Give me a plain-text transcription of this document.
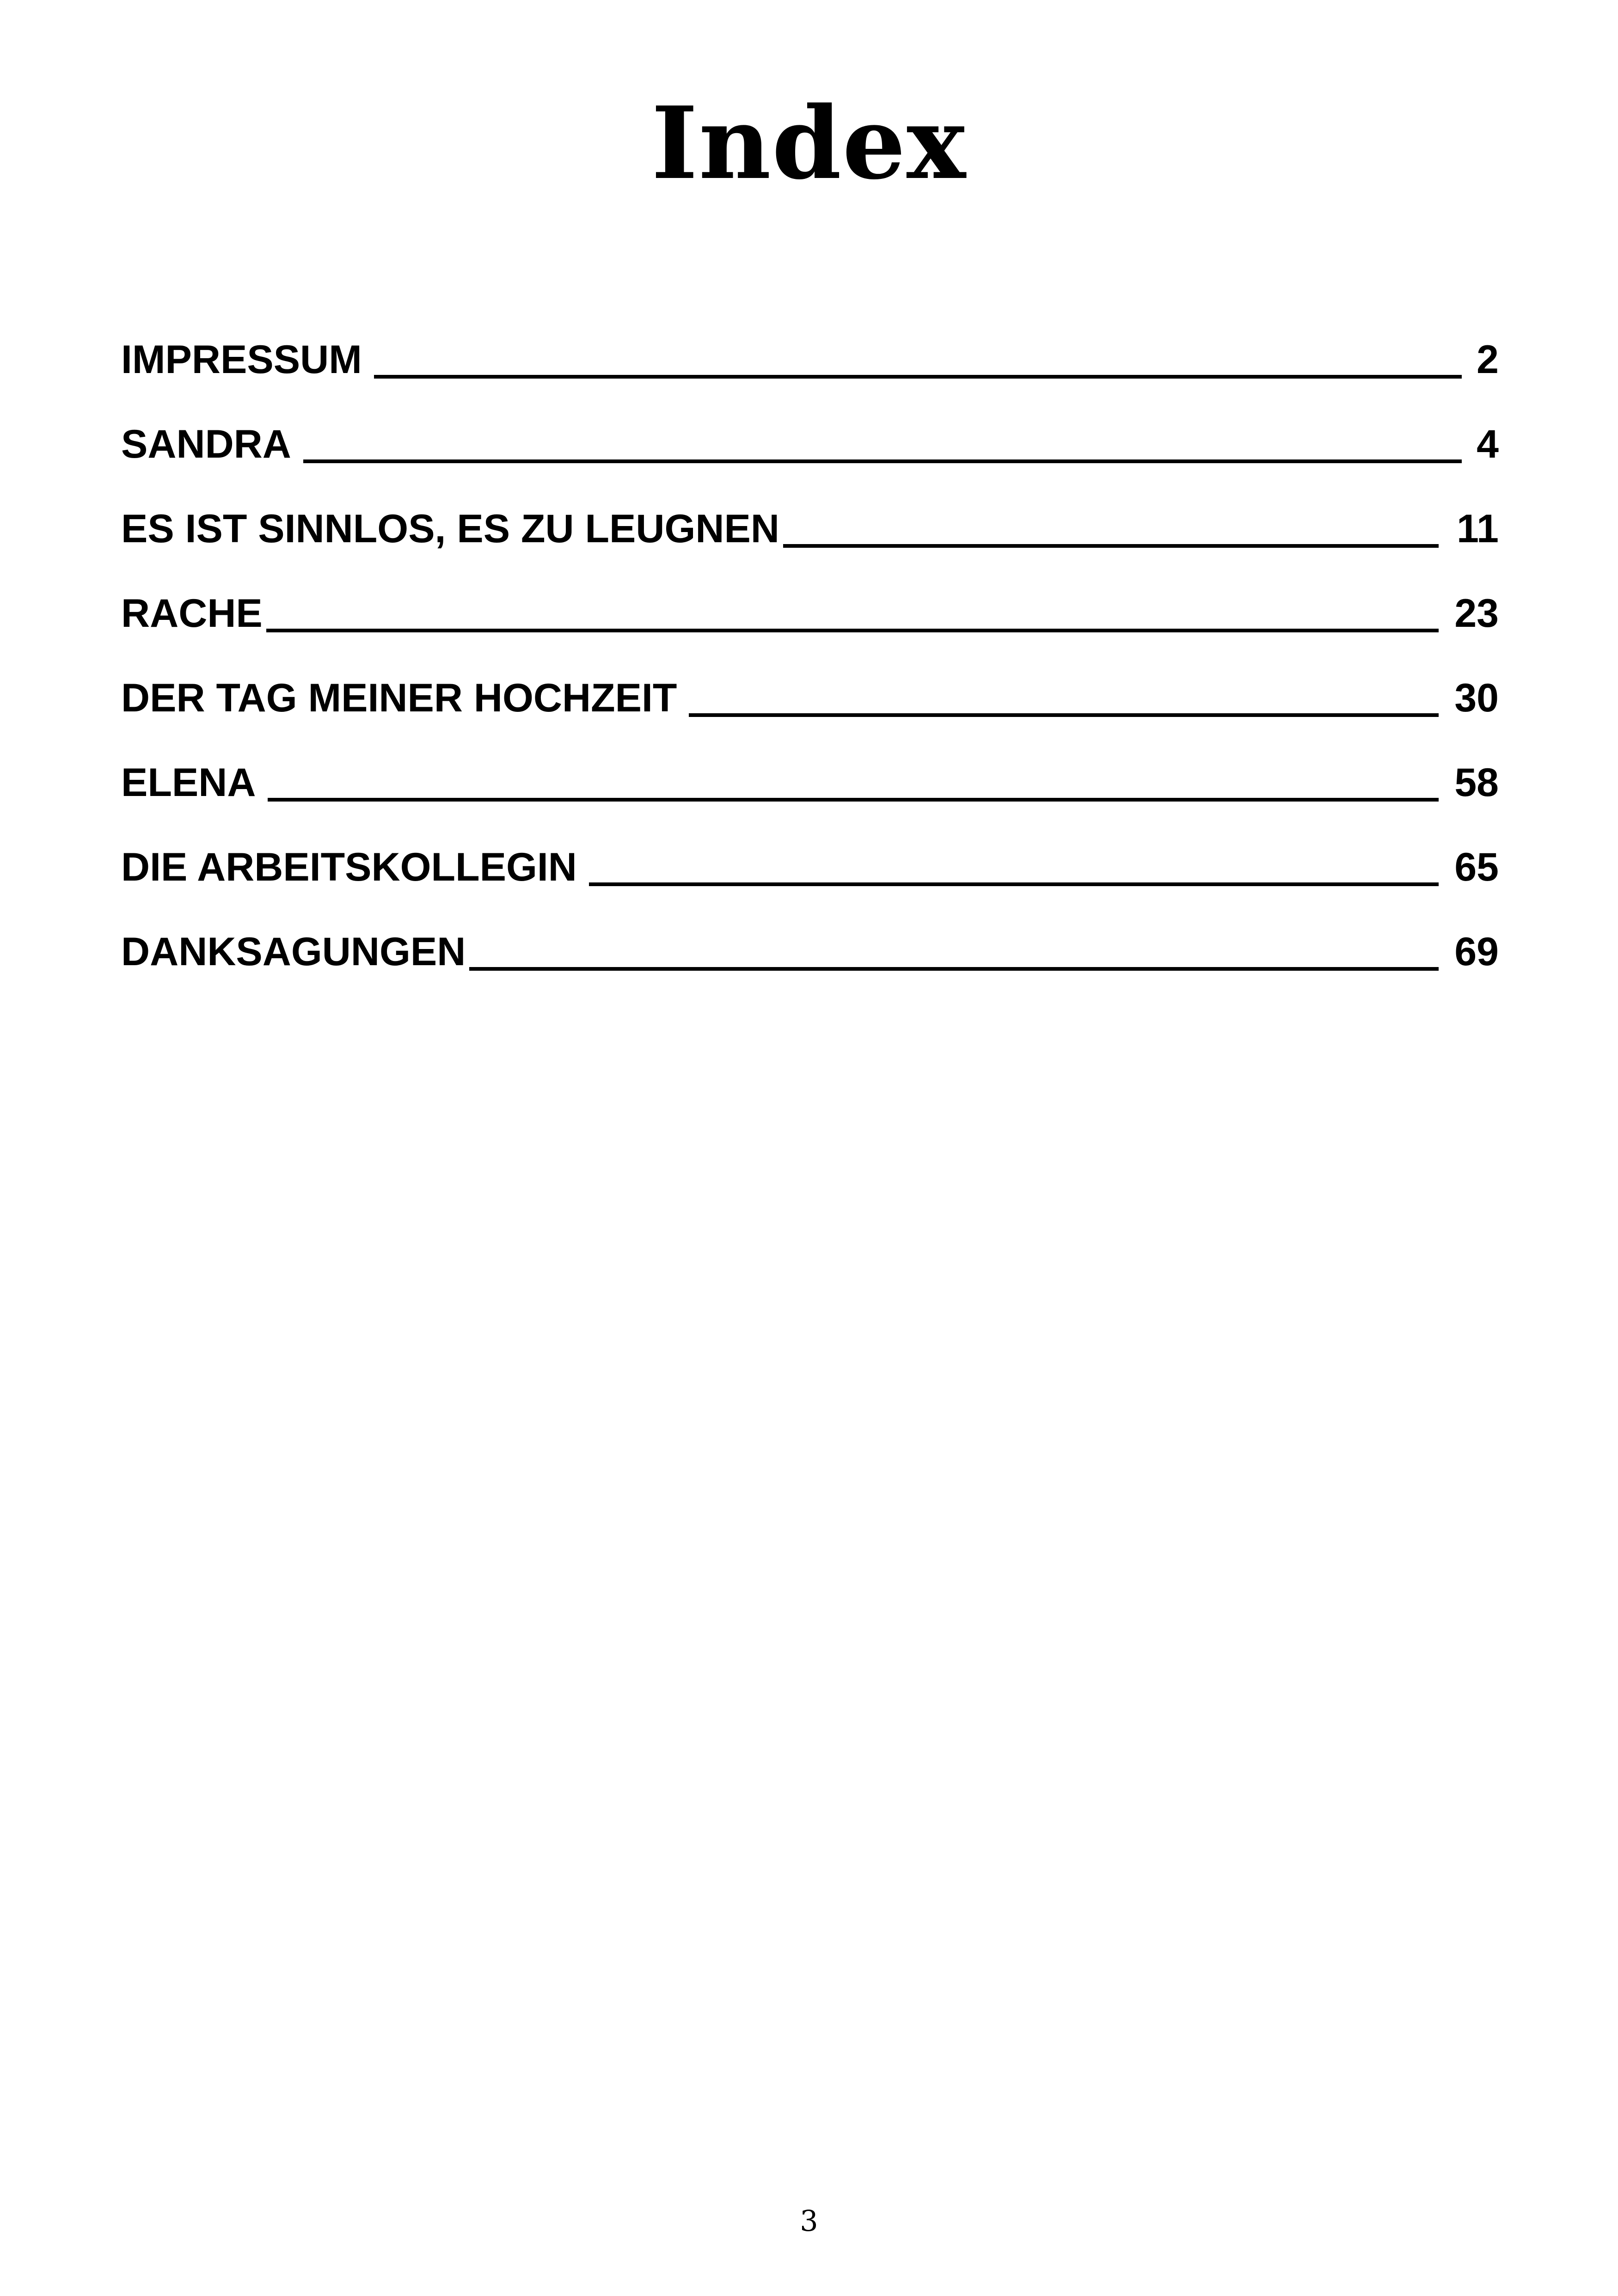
Index
IMPRESSUM	2
SANDRA	4
ES IST SINNLOS, ES ZU LEUGNEN	11
RACHE	23
DER TAG MEINER HOCHZEIT	30
ELENA	58
DIE ARBEITSKOLLEGIN	65
DANKSAGUNGEN	69
3
